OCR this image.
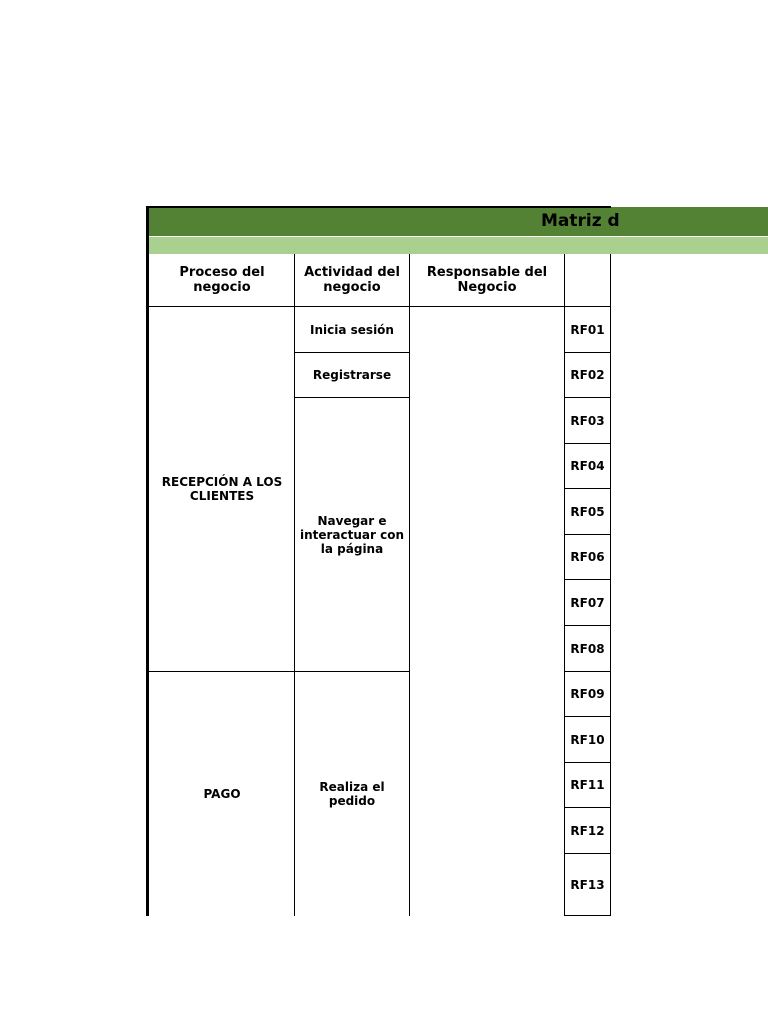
Matriz d
Proceso del negocio
Actividad del negocio
Responsable del Negocio
RECEPCIÓN A LOS CLIENTES
PAGO
Inicia sesión
Registrarse
Navegar e interactuar con la página
Realiza el pedido
RF01
RF02
RF03
RF04
RF05
RF06
RF07
RF08
RF09
RF10
RF11
RF12
RF13
